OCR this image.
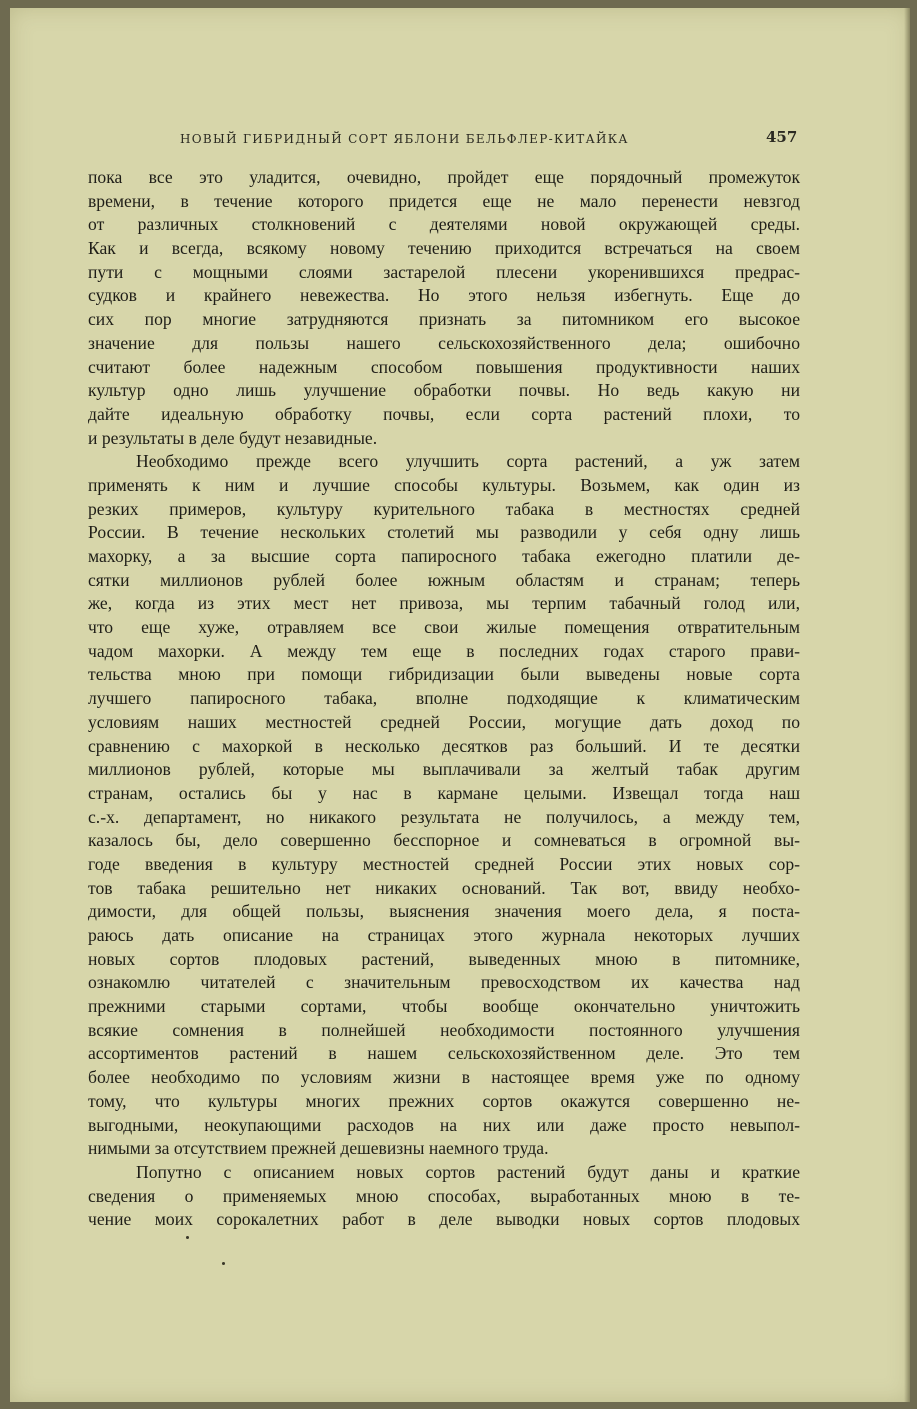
НОВЫЙ ГИБРИДНЫЙ СОРТ ЯБЛОНИ БЕЛЬФЛЕР-КИТАЙКА	457
пока все это уладится, очевидно, пройдет еще порядочный промежуток
времени, в течение которого придется еще не мало перенести невзгод
от различных столкновений с деятелями новой окружающей среды.
Как и всегда, всякому новому течению приходится встречаться на своем
пути с мощными слоями застарелой плесени укоренившихся предрас-
судков и крайнего невежества. Но этого нельзя избегнуть. Еще до
сих пор многие затрудняются признать за питомником его высокое
значение для пользы нашего сельскохозяйственного дела; ошибочно
считают более надежным способом повышения продуктивности наших
культур одно лишь улучшение обработки почвы. Но ведь какую ни
дайте идеальную обработку почвы, если сорта растений плохи, то
и результаты в деле будут незавидные.
Необходимо прежде всего улучшить сорта растений, а уж затем
применять к ним и лучшие способы культуры. Возьмем, как один из
резких примеров, культуру курительного табака в местностях средней
России. В течение нескольких столетий мы разводили у себя одну лишь
махорку, а за высшие сорта папиросного табака ежегодно платили де-
сятки миллионов рублей более южным областям и странам; теперь
же, когда из этих мест нет привоза, мы терпим табачный голод или,
что еще хуже, отравляем все свои жилые помещения отвратительным
чадом махорки. А между тем еще в последних годах старого прави-
тельства мною при помощи гибридизации были выведены новые сорта
лучшего папиросного табака, вполне подходящие к климатическим
условиям наших местностей средней России, могущие дать доход по
сравнению с махоркой в несколько десятков раз больший. И те десятки
миллионов рублей, которые мы выплачивали за желтый табак другим
странам, остались бы у нас в кармане целыми. Извещал тогда наш
с.-х. департамент, но никакого результата не получилось, а между тем,
казалось бы, дело совершенно бесспорное и сомневаться в огромной вы-
годе введения в культуру местностей средней России этих новых сор-
тов табака решительно нет никаких оснований. Так вот, ввиду необхо-
димости, для общей пользы, выяснения значения моего дела, я поста-
раюсь дать описание на страницах этого журнала некоторых лучших
новых сортов плодовых растений, выведенных мною в питомнике,
ознакомлю читателей с значительным превосходством их качества над
прежними старыми сортами, чтобы вообще окончательно уничтожить
всякие сомнения в полнейшей необходимости постоянного улучшения
ассортиментов растений в нашем сельскохозяйственном деле. Это тем
более необходимо по условиям жизни в настоящее время уже по одному
тому, что культуры многих прежних сортов окажутся совершенно не-
выгодными, неокупающими расходов на них или даже просто невыпол-
нимыми за отсутствием прежней дешевизны наемного труда.
Попутно с описанием новых сортов растений будут даны и краткие
сведения о применяемых мною способах, выработанных мною в те-
чение моих сорокалетних работ в деле выводки новых сортов плодовых
